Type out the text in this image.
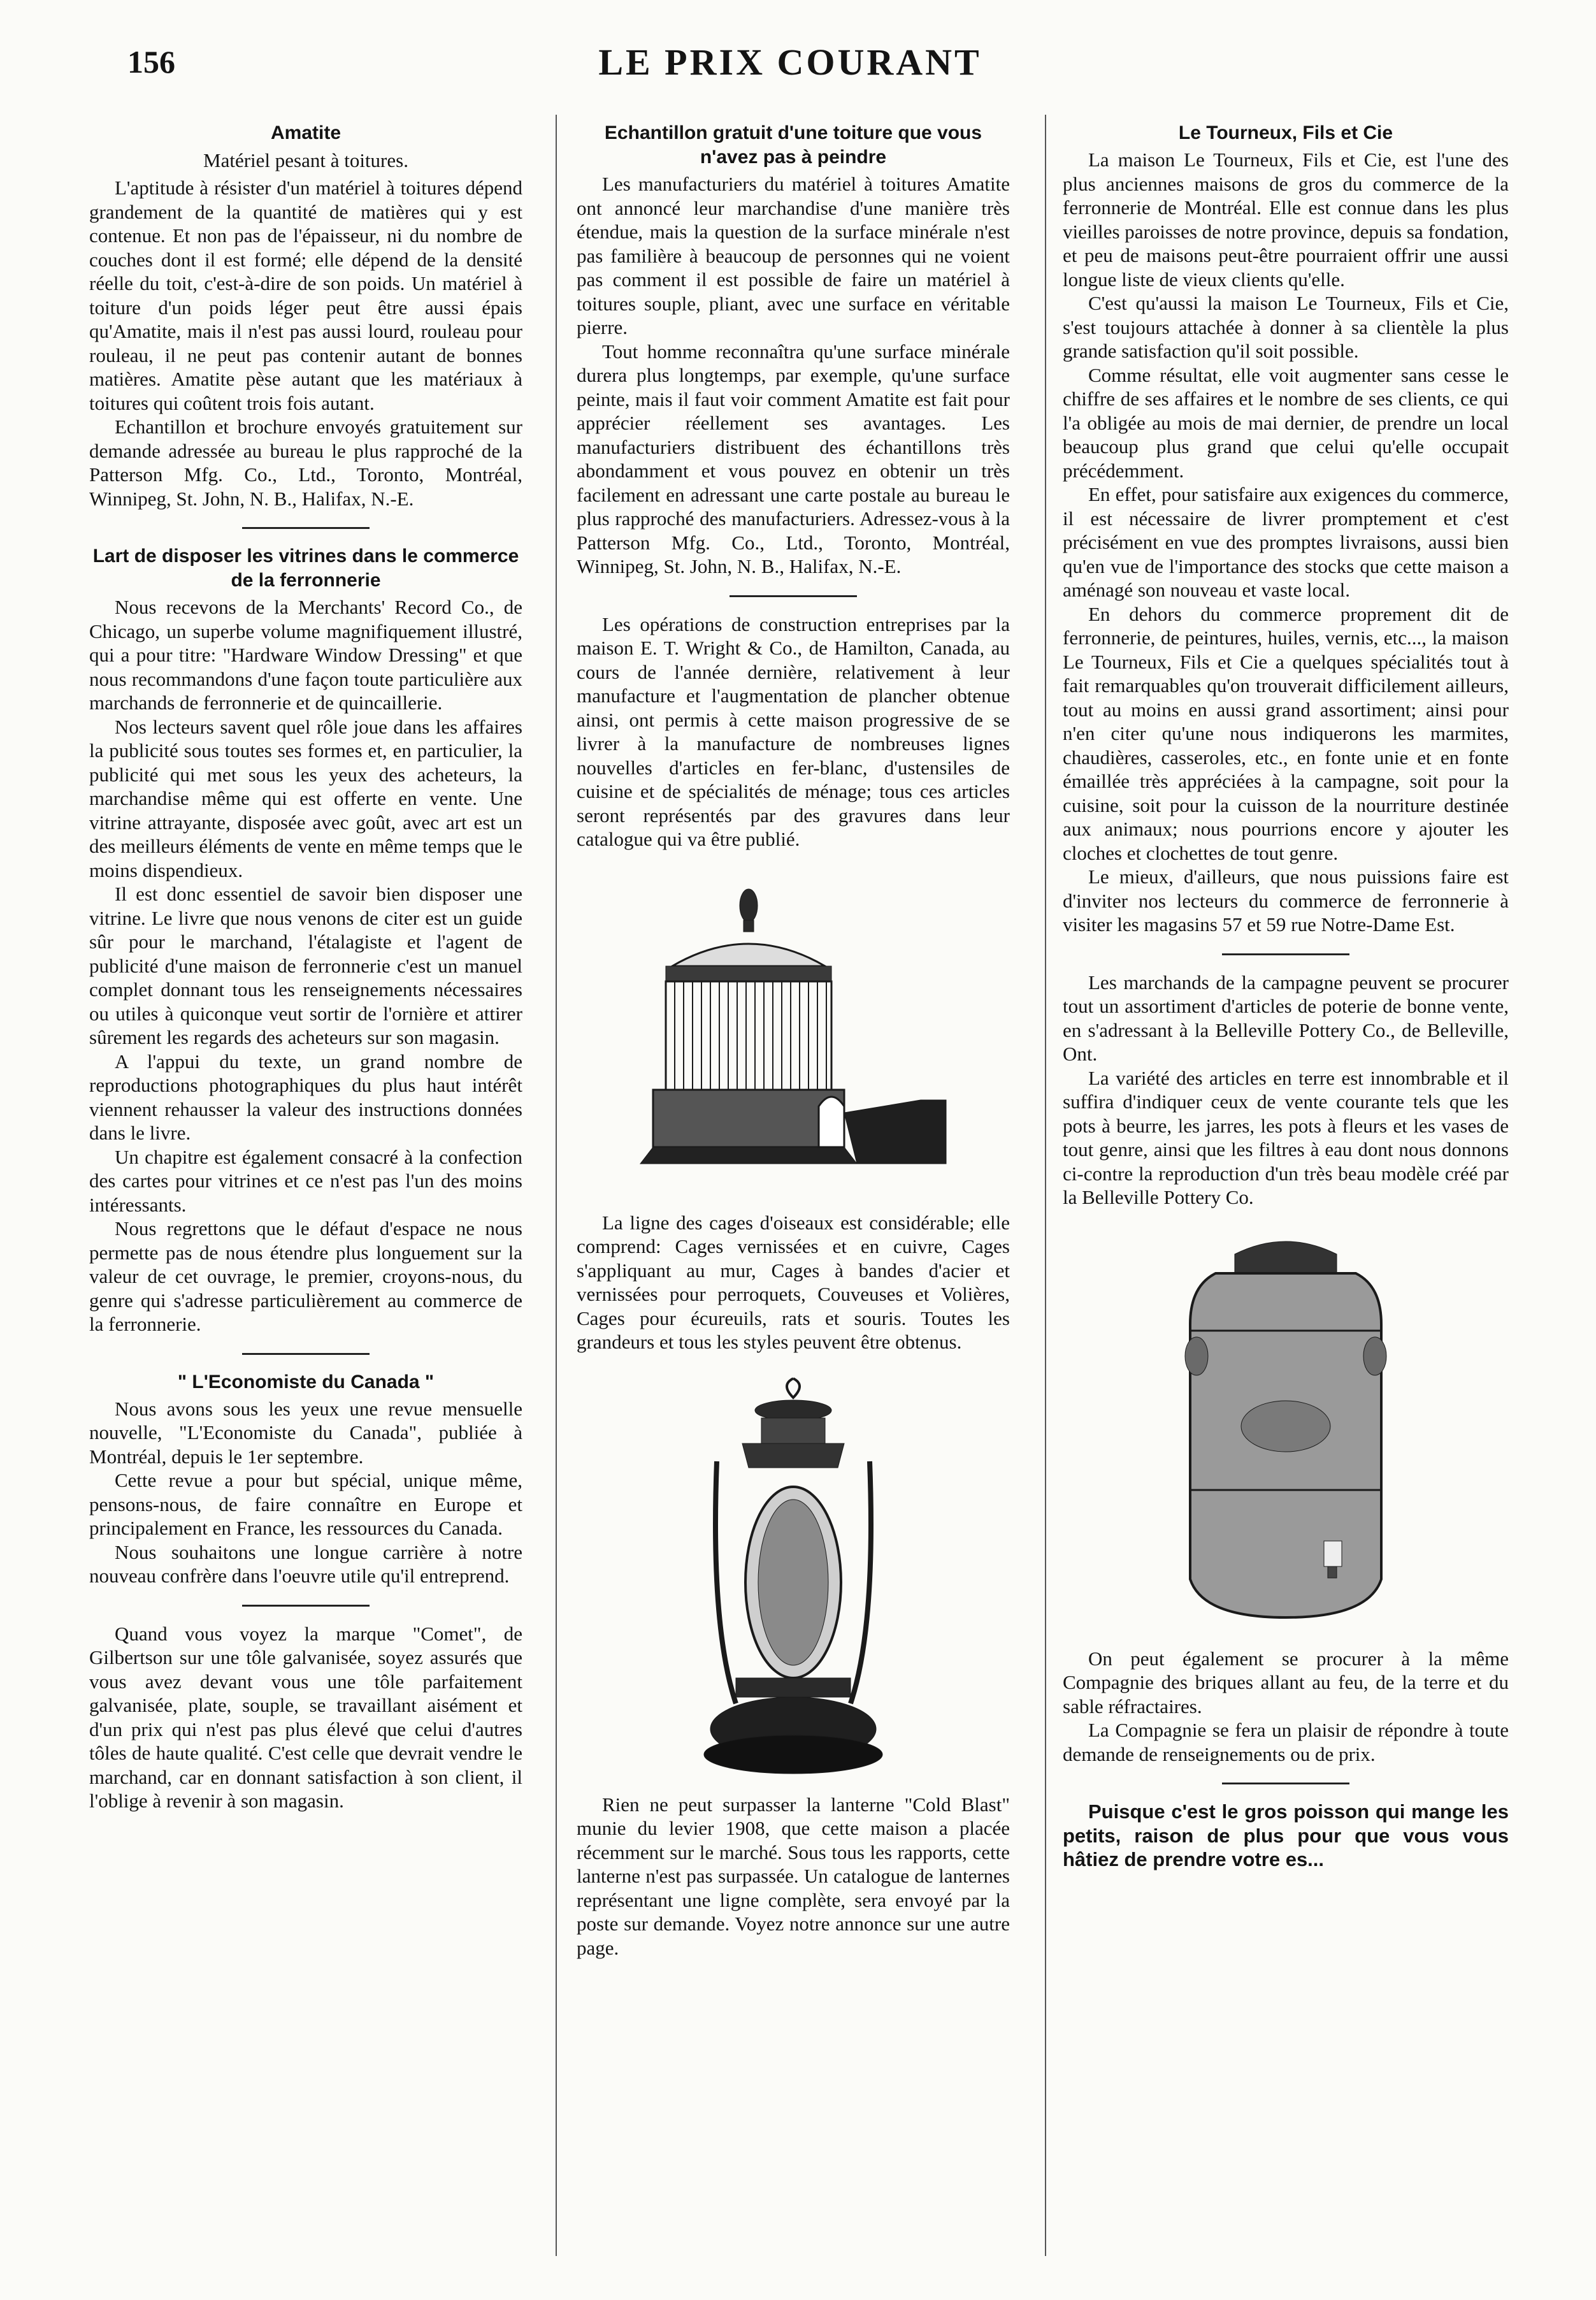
156	LE PRIX COURANT
Amatite
Matériel pesant à toitures.

L'aptitude à résister d'un matériel à toitures dépend grandement de la quantité de matières qui y est contenue. Et non pas de l'épaisseur, ni du nombre de couches dont il est formé; elle dépend de la densité réelle du toit, c'est-à-dire de son poids. Un matériel à toiture d'un poids léger peut être aussi épais qu'Amatite, mais il n'est pas aussi lourd, rouleau pour rouleau, il ne peut pas contenir autant de bonnes matières. Amatite pèse autant que les matériaux à toitures qui coûtent trois fois autant.

Echantillon et brochure envoyés gratuitement sur demande adressée au bureau le plus rapproché de la Patterson Mfg. Co., Ltd., Toronto, Montréal, Winnipeg, St. John, N. B., Halifax, N.-E.

Lart de disposer les vitrines dans le commerce de la ferronnerie

Nous recevons de la Merchants' Record Co., de Chicago, un superbe volume magnifiquement illustré, qui a pour titre: "Hardware Window Dressing" et que nous recommandons d'une façon toute particulière aux marchands de ferronnerie et de quincaillerie.

Nos lecteurs savent quel rôle joue dans les affaires la publicité sous toutes ses formes et, en particulier, la publicité qui met sous les yeux des acheteurs, la marchandise même qui est offerte en vente. Une vitrine attrayante, disposée avec goût, avec art est un des meilleurs éléments de vente en même temps que le moins dispendieux.

Il est donc essentiel de savoir bien disposer une vitrine. Le livre que nous venons de citer est un guide sûr pour le marchand, l'étalagiste et l'agent de publicité d'une maison de ferronnerie c'est un manuel complet donnant tous les renseignements nécessaires ou utiles à quiconque veut sortir de l'ornière et attirer sûrement les regards des acheteurs sur son magasin.

A l'appui du texte, un grand nombre de reproductions photographiques du plus haut intérêt viennent rehausser la valeur des instructions données dans le livre.

Un chapitre est également consacré à la confection des cartes pour vitrines et ce n'est pas l'un des moins intéressants.

Nous regrettons que le défaut d'espace ne nous permette pas de nous étendre plus longuement sur la valeur de cet ouvrage, le premier, croyons-nous, du genre qui s'adresse particulièrement au commerce de la ferronnerie.

" L'Economiste du Canada "

Nous avons sous les yeux une revue mensuelle nouvelle, "L'Economiste du Canada", publiée à Montréal, depuis le 1er septembre.

Cette revue a pour but spécial, unique même, pensons-nous, de faire connaître en Europe et principalement en France, les ressources du Canada.

Nous souhaitons une longue carrière à notre nouveau confrère dans l'oeuvre utile qu'il entreprend.

Quand vous voyez la marque "Comet", de Gilbertson sur une tôle galvanisée, soyez assurés que vous avez devant vous une tôle parfaitement galvanisée, plate, souple, se travaillant aisément et d'un prix qui n'est pas plus élevé que celui d'autres tôles de haute qualité. C'est celle que devrait vendre le marchand, car en donnant satisfaction à son client, il l'oblige à revenir à son magasin.

Echantillon gratuit d'une toiture que vous n'avez pas à peindre

Les manufacturiers du matériel à toitures Amatite ont annoncé leur marchandise d'une manière très étendue, mais la question de la surface minérale n'est pas familière à beaucoup de personnes qui ne voient pas comment il est possible de faire un matériel à toitures souple, pliant, avec une surface en véritable pierre.

Tout homme reconnaîtra qu'une surface minérale durera plus longtemps, par exemple, qu'une surface peinte, mais il faut voir comment Amatite est fait pour apprécier réellement ses avantages. Les manufacturiers distribuent des échantillons très abondamment et vous pouvez en obtenir un très facilement en adressant une carte postale au bureau le plus rapproché des manufacturiers. Adressez-vous à la Patterson Mfg. Co., Ltd., Toronto, Montréal, Winnipeg, St. John, N. B., Halifax, N.-E.

Les opérations de construction entreprises par la maison E. T. Wright & Co., de Hamilton, Canada, au cours de l'année dernière, relativement à leur manufacture et l'augmentation de plancher obtenue ainsi, ont permis à cette maison progressive de se livrer à la manufacture de nombreuses lignes nouvelles d'articles en fer-blanc, d'ustensiles de cuisine et de spécialités de ménage; tous ces articles seront représentés par des gravures dans leur catalogue qui va être publié.

La ligne des cages d'oiseaux est considérable; elle comprend: Cages vernissées et en cuivre, Cages s'appliquant au mur, Cages à bandes d'acier et vernissées pour perroquets, Couveuses et Volières, Cages pour écureuils, rats et souris. Toutes les grandeurs et tous les styles peuvent être obtenus.

Rien ne peut surpasser la lanterne "Cold Blast" munie du levier 1908, que cette maison a placée récemment sur le marché. Sous tous les rapports, cette lanterne n'est pas surpassée. Un catalogue de lanternes représentant une ligne complète, sera envoyé par la poste sur demande. Voyez notre annonce sur une autre page.

Le Tourneux, Fils et Cie

La maison Le Tourneux, Fils et Cie, est l'une des plus anciennes maisons de gros du commerce de la ferronnerie de Montréal. Elle est connue dans les plus vieilles paroisses de notre province, depuis sa fondation, et peu de maisons peut-être pourraient offrir une aussi longue liste de vieux clients qu'elle.

C'est qu'aussi la maison Le Tourneux, Fils et Cie, s'est toujours attachée à donner à sa clientèle la plus grande satisfaction qu'il soit possible.

Comme résultat, elle voit augmenter sans cesse le chiffre de ses affaires et le nombre de ses clients, ce qui l'a obligée au mois de mai dernier, de prendre un local beaucoup plus grand que celui qu'elle occupait précédemment.

En effet, pour satisfaire aux exigences du commerce, il est nécessaire de livrer promptement et c'est précisément en vue des promptes livraisons, aussi bien qu'en vue de l'importance des stocks que cette maison a aménagé son nouveau et vaste local.

En dehors du commerce proprement dit de ferronnerie, de peintures, huiles, vernis, etc..., la maison Le Tourneux, Fils et Cie a quelques spécialités tout à fait remarquables qu'on trouverait difficilement ailleurs, tout au moins en aussi grand assortiment; ainsi pour n'en citer qu'une nous indiquerons les marmites, chaudières, casseroles, etc., en fonte unie et en fonte émaillée très appréciées à la campagne, soit pour la cuisine, soit pour la cuisson de la nourriture destinée aux animaux; nous pourrions encore y ajouter les cloches et clochettes de tout genre.

Le mieux, d'ailleurs, que nous puissions faire est d'inviter nos lecteurs du commerce de ferronnerie à visiter les magasins 57 et 59 rue Notre-Dame Est.

Les marchands de la campagne peuvent se procurer tout un assortiment d'articles de poterie de bonne vente, en s'adressant à la Belleville Pottery Co., de Belleville, Ont.

La variété des articles en terre est innombrable et il suffira d'indiquer ceux de vente courante tels que les pots à beurre, les jarres, les pots à fleurs et les vases de tout genre, ainsi que les filtres à eau dont nous donnons ci-contre la reproduction d'un très beau modèle créé par la Belleville Pottery Co.

On peut également se procurer à la même Compagnie des briques allant au feu, de la terre et du sable réfractaires.

La Compagnie se fera un plaisir de répondre à toute demande de renseignements ou de prix.

Puisque c'est le gros poisson qui mange les petits, raison de plus pour que vous vous hâtiez de prendre votre es...
